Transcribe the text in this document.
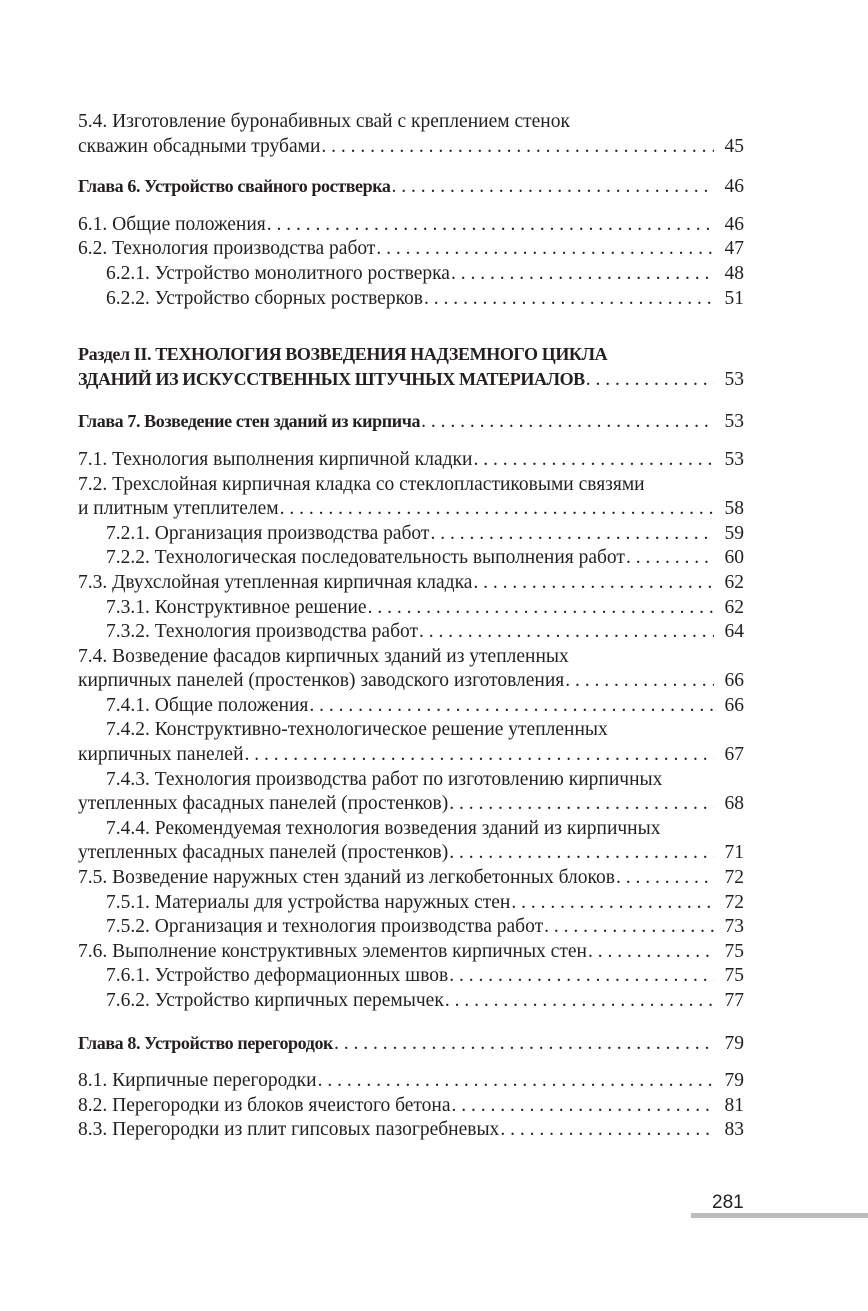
5.4. Изготовление буронабивных свай с креплением стенок
скважин обсадными трубами . . .	45
Глава 6. Устройство свайного ростверка . . .	46
6.1. Общие положения . . .	46
6.2. Технология производства работ . . .	47
6.2.1. Устройство монолитного ростверка . . .	48
6.2.2. Устройство сборных ростверков . . .	51
Раздел II. ТЕХНОЛОГИЯ ВОЗВЕДЕНИЯ НАДЗЕМНОГО ЦИКЛА
ЗДАНИЙ ИЗ ИСКУССТВЕННЫХ ШТУЧНЫХ МАТЕРИАЛОВ . . .	53
Глава 7. Возведение стен зданий из кирпича . . .	53
7.1. Технология выполнения кирпичной кладки . . .	53
7.2. Трехслойная кирпичная кладка со стеклопластиковыми связями
и плитным утеплителем . . .	58
7.2.1. Организация производства работ . . .	59
7.2.2. Технологическая последовательность выполнения работ . . .	60
7.3. Двухслойная утепленная кирпичная кладка . . .	62
7.3.1. Конструктивное решение . . .	62
7.3.2. Технология производства работ . . .	64
7.4. Возведение фасадов кирпичных зданий из утепленных
кирпичных панелей (простенков) заводского изготовления . . .	66
7.4.1. Общие положения . . .	66
7.4.2. Конструктивно-технологическое решение утепленных
кирпичных панелей . . .	67
7.4.3. Технология производства работ по изготовлению кирпичных
утепленных фасадных панелей (простенков) . . .	68
7.4.4. Рекомендуемая технология возведения зданий из кирпичных
утепленных фасадных панелей (простенков) . . .	71
7.5. Возведение наружных стен зданий из легкобетонных блоков . . .	72
7.5.1. Материалы для устройства наружных стен . . .	72
7.5.2. Организация и технология производства работ . . .	73
7.6. Выполнение конструктивных элементов кирпичных стен . . .	75
7.6.1. Устройство деформационных швов . . .	75
7.6.2. Устройство кирпичных перемычек . . .	77
Глава 8. Устройство перегородок . . .	79
8.1. Кирпичные перегородки . . .	79
8.2. Перегородки из блоков ячеистого бетона . . .	81
8.3. Перегородки из плит гипсовых пазогребневых . . .	83
281
